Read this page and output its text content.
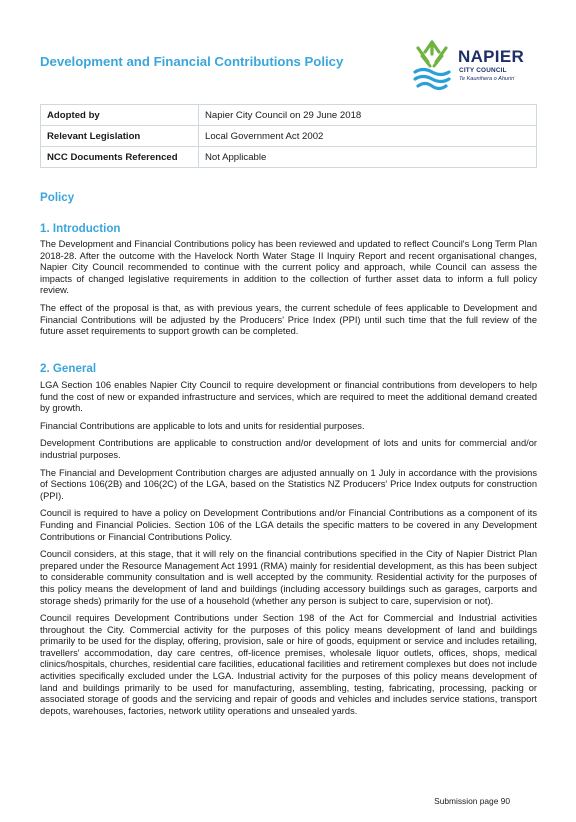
Development and Financial Contributions Policy	NAPIER
CITY COUNCIL
Te Kaunihera o Ahuriri
Adopted by	Napier City Council on 29 June 2018
Relevant Legislation	Local Government Act 2002
NCC Documents Referenced	Not Applicable
Policy
1. Introduction

The Development and Financial Contributions policy has been reviewed and updated to reflect Council's Long Term Plan 2018-28. After the outcome with the Havelock North Water Stage II Inquiry Report and recent organisational changes, Napier City Council recommended to continue with the current policy and approach, while Council can assess the impacts of changed legislative requirements in addition to the collection of further asset data to inform a full policy review.

The effect of the proposal is that, as with previous years, the current schedule of fees applicable to Development and Financial Contributions will be adjusted by the Producers' Price Index (PPI) until such time that the full review of the future asset requirements to support growth can be completed.

2. General

LGA Section 106 enables Napier City Council to require development or financial contributions from developers to help fund the cost of new or expanded infrastructure and services, which are required to meet the additional demand created by growth.

Financial Contributions are applicable to lots and units for residential purposes.

Development Contributions are applicable to construction and/or development of lots and units for commercial and/or industrial purposes.

The Financial and Development Contribution charges are adjusted annually on 1 July in accordance with the provisions of Sections 106(2B) and 106(2C) of the LGA, based on the Statistics NZ Producers' Price Index outputs for construction (PPI).

Council is required to have a policy on Development Contributions and/or Financial Contributions as a component of its Funding and Financial Policies. Section 106 of the LGA details the specific matters to be covered in any Development Contributions or Financial Contributions Policy.

Council considers, at this stage, that it will rely on the financial contributions specified in the City of Napier District Plan prepared under the Resource Management Act 1991 (RMA) mainly for residential development, as this has been subject to considerable community consultation and is well accepted by the community. Residential activity for the purposes of this policy means the development of land and buildings (including accessory buildings such as garages, carports and storage sheds) primarily for the use of a household (whether any person is subject to care, supervision or not).

Council requires Development Contributions under Section 198 of the Act for Commercial and Industrial activities throughout the City. Commercial activity for the purposes of this policy means development of land and buildings primarily to be used for the display, offering, provision, sale or hire of goods, equipment or service and includes retailing, travellers' accommodation, day care centres, off-licence premises, wholesale liquor outlets, offices, shops, medical clinics/hospitals, churches, residential care facilities, educational facilities and retirement complexes but does not include activities specifically excluded under the LGA. Industrial activity for the purposes of this policy means development of land and buildings primarily to be used for manufacturing, assembling, testing, fabricating, processing, packing or associated storage of goods and the servicing and repair of goods and vehicles and includes service stations, transport depots, warehouses, factories, network utility operations and unsealed yards.

Submission page 90
